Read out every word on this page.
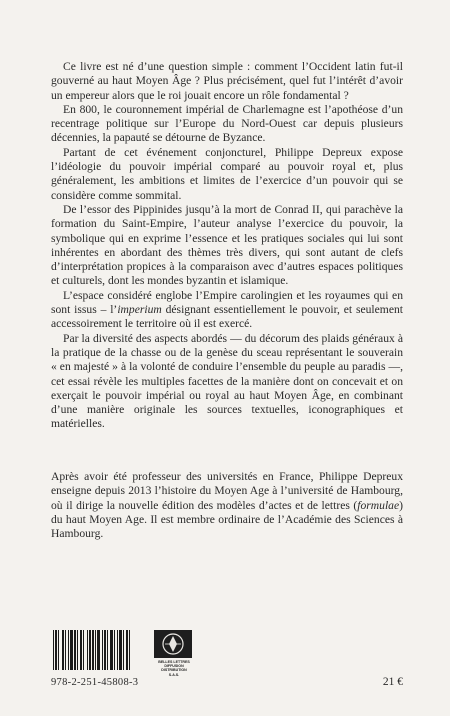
Ce livre est né d’une question simple : comment l’Occident latin fut-il gouverné au haut Moyen Âge ? Plus précisément, quel fut l’intérêt d’avoir un empereur alors que le roi jouait encore un rôle fondamental ?

En 800, le couronnement impérial de Charlemagne est l’apothéose d’un recentrage politique sur l’Europe du Nord-Ouest car depuis plusieurs décennies, la papauté se détourne de Byzance.

Partant de cet événement conjoncturel, Philippe Depreux expose l’idéologie du pouvoir impérial comparé au pouvoir royal et, plus généralement, les ambitions et limites de l’exercice d’un pouvoir qui se considère comme sommital.

De l’essor des Pippinides jusqu’à la mort de Conrad II, qui parachève la formation du Saint-Empire, l’auteur analyse l’exercice du pouvoir, la symbolique qui en exprime l’essence et les pratiques sociales qui lui sont inhérentes en abordant des thèmes très divers, qui sont autant de clefs d’interprétation propices à la comparaison avec d’autres espaces politiques et culturels, dont les mondes byzantin et islamique.

L’espace considéré englobe l’Empire carolingien et les royaumes qui en sont issus – l’imperium désignant essentiellement le pouvoir, et seulement accessoirement le territoire où il est exercé.

Par la diversité des aspects abordés — du décorum des plaids généraux à la pratique de la chasse ou de la genèse du sceau représentant le souverain « en majesté » à la volonté de conduire l’ensemble du peuple au paradis —, cet essai révèle les multiples facettes de la manière dont on concevait et on exerçait le pouvoir impérial ou royal au haut Moyen Âge, en combinant d’une manière originale les sources textuelles, iconographiques et matérielles.

Après avoir été professeur des universités en France, Philippe Depreux enseigne depuis 2013 l’histoire du Moyen Age à l’université de Hambourg, où il dirige la nouvelle édition des modèles d’actes et de lettres (formulae) du haut Moyen Age. Il est membre ordinaire de l’Académie des Sciences à Hambourg.

978-2-251-45808-3
BELLES LETTRES
DIFFUSION
DISTRIBUTION
S.A.S.
21 €
